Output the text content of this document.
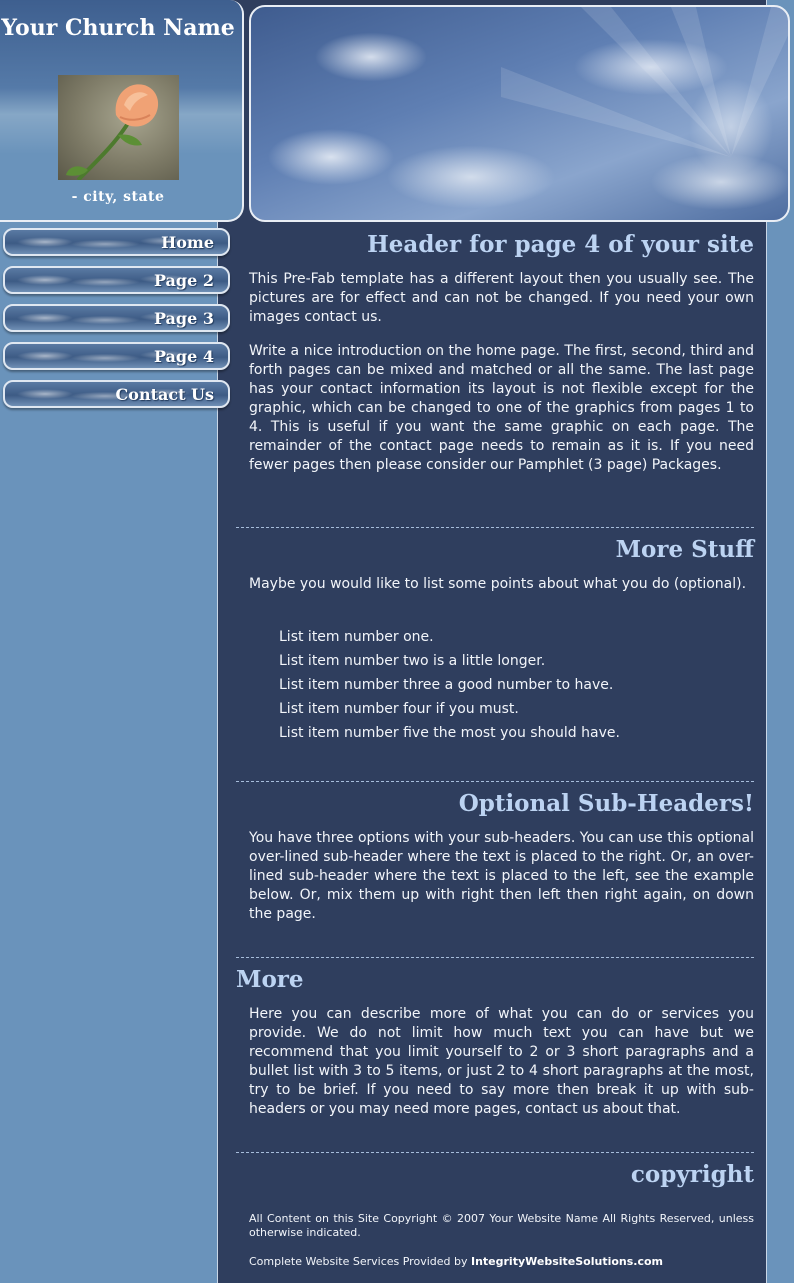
Your Church Name
- city, state
Home
Page 2
Page 3
Page 4
Contact Us
Header for page 4 of your site

This Pre-Fab template has a different layout then you usually see. The pictures are for effect and can not be changed. If you need your own images contact us.

Write a nice introduction on the home page. The first, second, third and forth pages can be mixed and matched or all the same. The last page has your contact information its layout is not flexible except for the graphic, which can be changed to one of the graphics from pages 1 to 4. This is useful if you want the same graphic on each page. The remainder of the contact page needs to remain as it is. If you need fewer pages then please consider our Pamphlet (3 page) Packages.

More Stuff

Maybe you would like to list some points about what you do (optional).

List item number one.
List item number two is a little longer.
List item number three a good number to have.
List item number four if you must.
List item number five the most you should have.
Optional Sub-Headers!

You have three options with your sub-headers. You can use this optional over-lined sub-header where the text is placed to the right. Or, an over-lined sub-header where the text is placed to the left, see the example below. Or, mix them up with right then left then right again, on down the page.

More

Here you can describe more of what you can do or services you provide. We do not limit how much text you can have but we recommend that you limit yourself to 2 or 3 short paragraphs and a bullet list with 3 to 5 items, or just 2 to 4 short paragraphs at the most, try to be brief. If you need to say more then break it up with sub-headers or you may need more pages, contact us about that.

copyright

All Content on this Site Copyright © 2007 Your Website Name All Rights Reserved, unless otherwise indicated.

Complete Website Services Provided by IntegrityWebsiteSolutions.com
